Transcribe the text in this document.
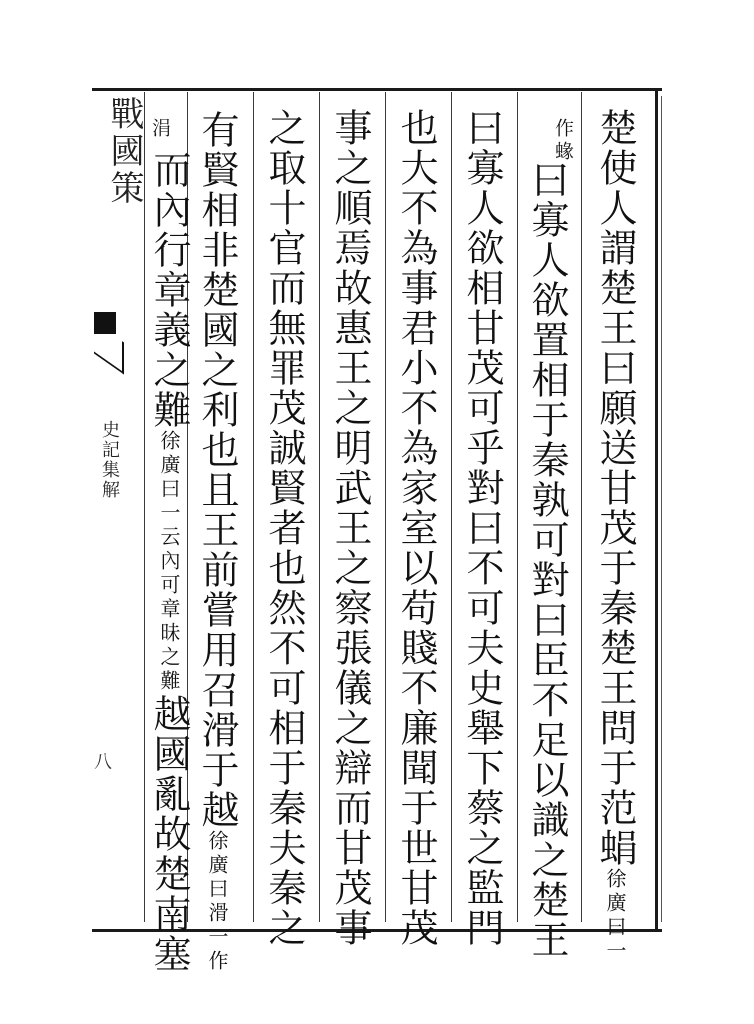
戰國策
史記集解
八	楚使人謂楚王曰願送甘茂于秦楚王問于范蜎徐廣曰一
作蝝
曰寡人欲置相于秦孰可對曰臣不足以識之楚王
曰寡人欲相甘茂可乎對曰不可夫史舉下蔡之監門
也大不為事君小不為家室以苟賤不廉聞于世甘茂
事之順焉故惠王之明武王之察張儀之辯而甘茂事
之取十官而無罪茂誠賢者也然不可相于秦夫秦之
有賢相非楚國之利也且王前嘗用召滑于越徐廣曰滑一作
涓
而內行章義之難徐廣曰一云內可章昧之難越國亂故楚南塞
